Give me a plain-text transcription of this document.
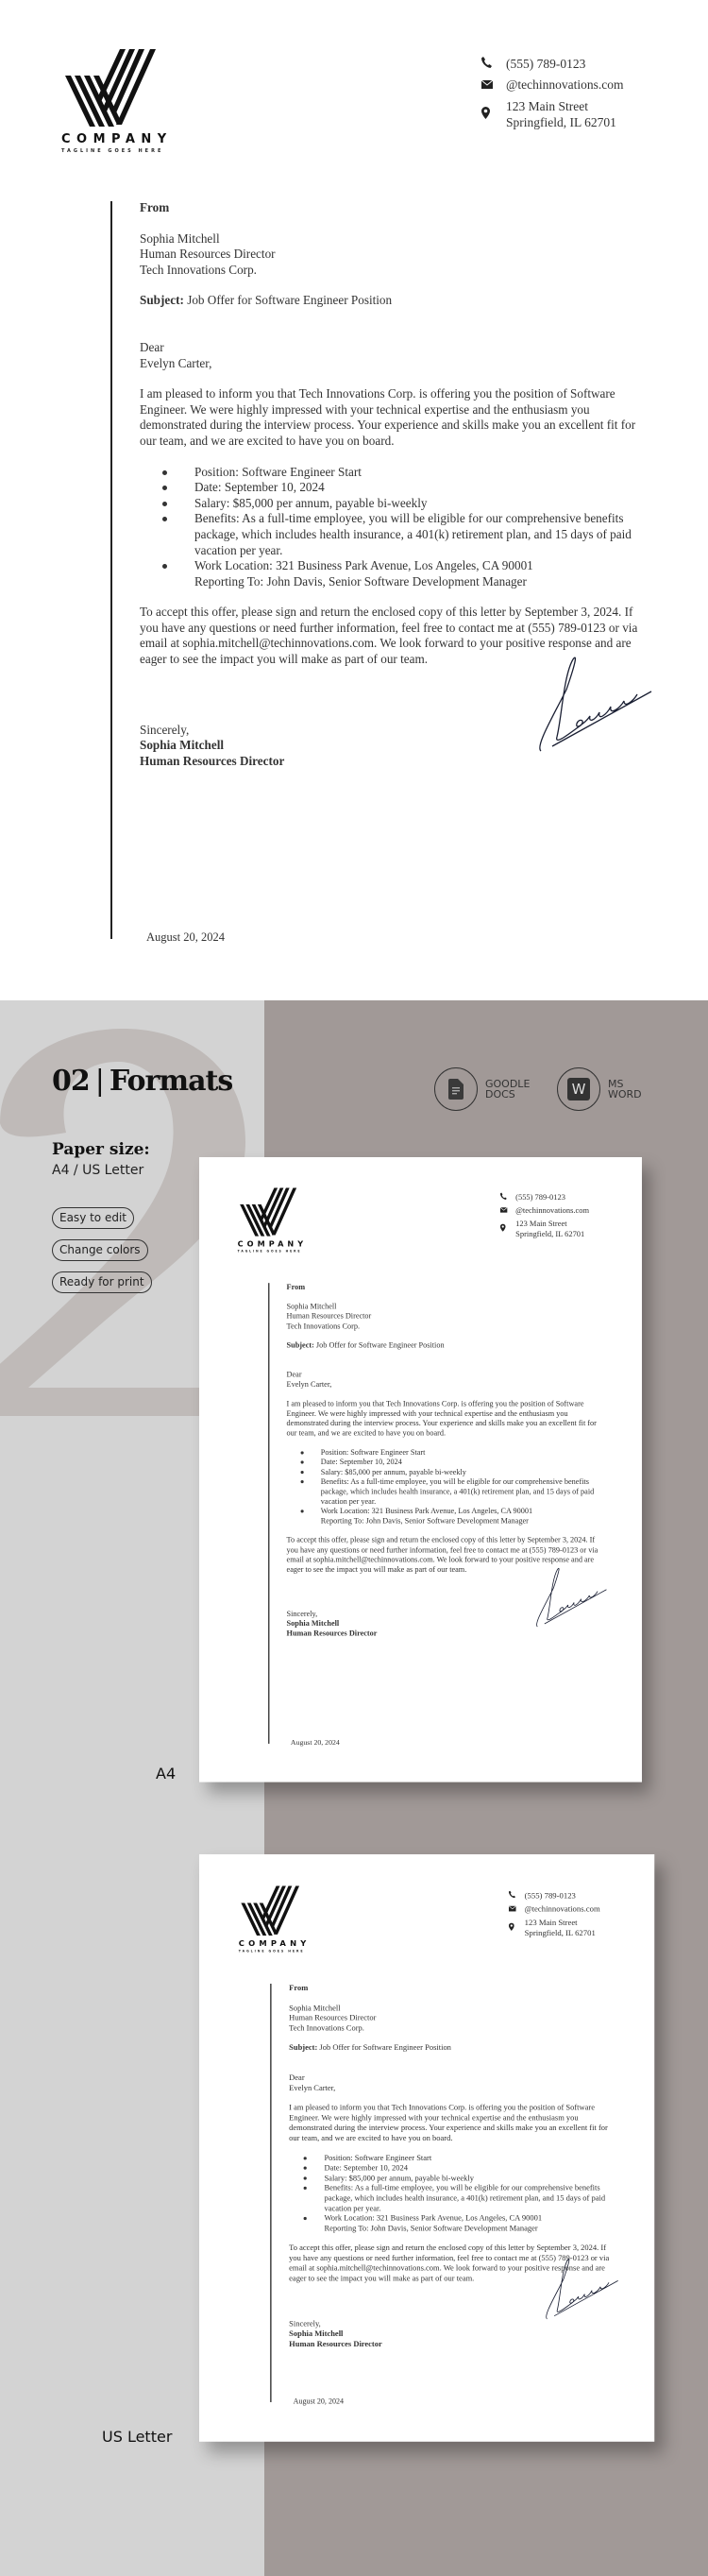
COMPANY
TAGLINE GOES HERE
(555) 789-0123
@techinnovations.com
123 Main Street
Springfield, IL 62701

From

Sophia Mitchell
Human Resources Director
Tech Innovations Corp.

Subject: Job Offer for Software Engineer Position

Dear
Evelyn Carter,

I am pleased to inform you that Tech Innovations Corp. is offering you the position of Software Engineer. We were highly impressed with your technical expertise and the enthusiasm you demonstrated during the interview process. Your experience and skills make you an excellent fit for our team, and we are excited to have you on board.

Position: Software Engineer Start
Date: September 10, 2024
Salary: $85,000 per annum, payable bi-weekly
Benefits: As a full-time employee, you will be eligible for our comprehensive benefits package, which includes health insurance, a 401(k) retirement plan, and 15 days of paid vacation per year.
Work Location: 321 Business Park Avenue, Los Angeles, CA 90001
Reporting To: John Davis, Senior Software Development Manager

To accept this offer, please sign and return the enclosed copy of this letter by September 3, 2024. If you have any questions or need further information, feel free to contact me at (555) 789-0123 or via email at sophia.mitchell@techinnovations.com. We look forward to your positive response and are eager to see the impact you will make as part of our team.

Sincerely,
Sophia Mitchell
Human Resources Director

August 20, 2024
02 | Formats
Paper size:
A4 / US Letter
Easy to edit
Change colors
Ready for print
GOODLE
DOCS	W	MS
WORD
A4
US Letter
COMPANY
TAGLINE GOES HERE
(555) 789-0123
@techinnovations.com
123 Main Street
Springfield, IL 62701

From

Sophia Mitchell
Human Resources Director
Tech Innovations Corp.

Subject: Job Offer for Software Engineer Position

Dear
Evelyn Carter,

I am pleased to inform you that Tech Innovations Corp. is offering you the position of Software Engineer. We were highly impressed with your technical expertise and the enthusiasm you demonstrated during the interview process. Your experience and skills make you an excellent fit for our team, and we are excited to have you on board.

Position: Software Engineer Start
Date: September 10, 2024
Salary: $85,000 per annum, payable bi-weekly
Benefits: As a full-time employee, you will be eligible for our comprehensive benefits package, which includes health insurance, a 401(k) retirement plan, and 15 days of paid vacation per year.
Work Location: 321 Business Park Avenue, Los Angeles, CA 90001
Reporting To: John Davis, Senior Software Development Manager

To accept this offer, please sign and return the enclosed copy of this letter by September 3, 2024. If you have any questions or need further information, feel free to contact me at (555) 789-0123 or via email at sophia.mitchell@techinnovations.com. We look forward to your positive response and are eager to see the impact you will make as part of our team.

Sincerely,
Sophia Mitchell
Human Resources Director

August 20, 2024
COMPANY
TAGLINE GOES HERE
(555) 789-0123
@techinnovations.com
123 Main Street
Springfield, IL 62701

From

Sophia Mitchell
Human Resources Director
Tech Innovations Corp.

Subject: Job Offer for Software Engineer Position

Dear
Evelyn Carter,

I am pleased to inform you that Tech Innovations Corp. is offering you the position of Software Engineer. We were highly impressed with your technical expertise and the enthusiasm you demonstrated during the interview process. Your experience and skills make you an excellent fit for our team, and we are excited to have you on board.

Position: Software Engineer Start
Date: September 10, 2024
Salary: $85,000 per annum, payable bi-weekly
Benefits: As a full-time employee, you will be eligible for our comprehensive benefits package, which includes health insurance, a 401(k) retirement plan, and 15 days of paid vacation per year.
Work Location: 321 Business Park Avenue, Los Angeles, CA 90001
Reporting To: John Davis, Senior Software Development Manager

To accept this offer, please sign and return the enclosed copy of this letter by September 3, 2024. If you have any questions or need further information, feel free to contact me at (555) 789-0123 or via email at sophia.mitchell@techinnovations.com. We look forward to your positive response and are eager to see the impact you will make as part of our team.

Sincerely,
Sophia Mitchell
Human Resources Director

August 20, 2024
